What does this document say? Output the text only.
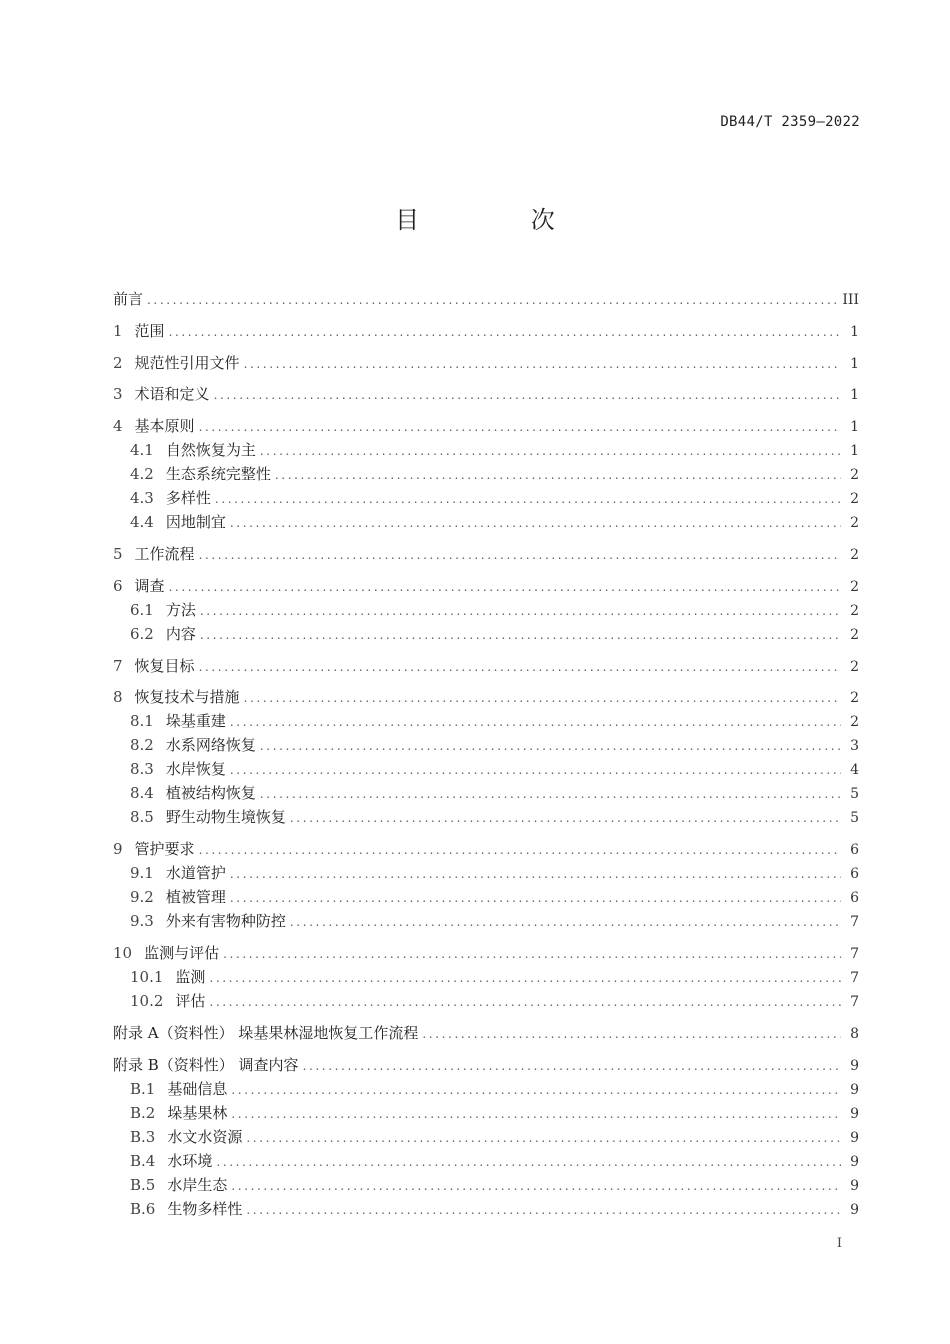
DB44/T 2359—2022
目 次
前言 .....	III
1 范围 .....	1
2 规范性引用文件 .....	1
3 术语和定义 .....	1
4 基本原则 .....	1
4.1 自然恢复为主 .....	1
4.2 生态系统完整性 .....	2
4.3 多样性 .....	2
4.4 因地制宜 .....	2
5 工作流程 .....	2
6 调查 .....	2
6.1 方法 .....	2
6.2 内容 .....	2
7 恢复目标 .....	2
8 恢复技术与措施 .....	2
8.1 垛基重建 .....	2
8.2 水系网络恢复 .....	3
8.3 水岸恢复 .....	4
8.4 植被结构恢复 .....	5
8.5 野生动物生境恢复 .....	5
9 管护要求 .....	6
9.1 水道管护 .....	6
9.2 植被管理 .....	6
9.3 外来有害物种防控 .....	7
10 监测与评估 .....	7
10.1 监测 .....	7
10.2 评估 .....	7
附录 A（资料性） 垛基果林湿地恢复工作流程 .....	8
附录 B（资料性） 调查内容 .....	9
B.1 基础信息 .....	9
B.2 垛基果林 .....	9
B.3 水文水资源 .....	9
B.4 水环境 .....	9
B.5 水岸生态 .....	9
B.6 生物多样性 .....	9
I
